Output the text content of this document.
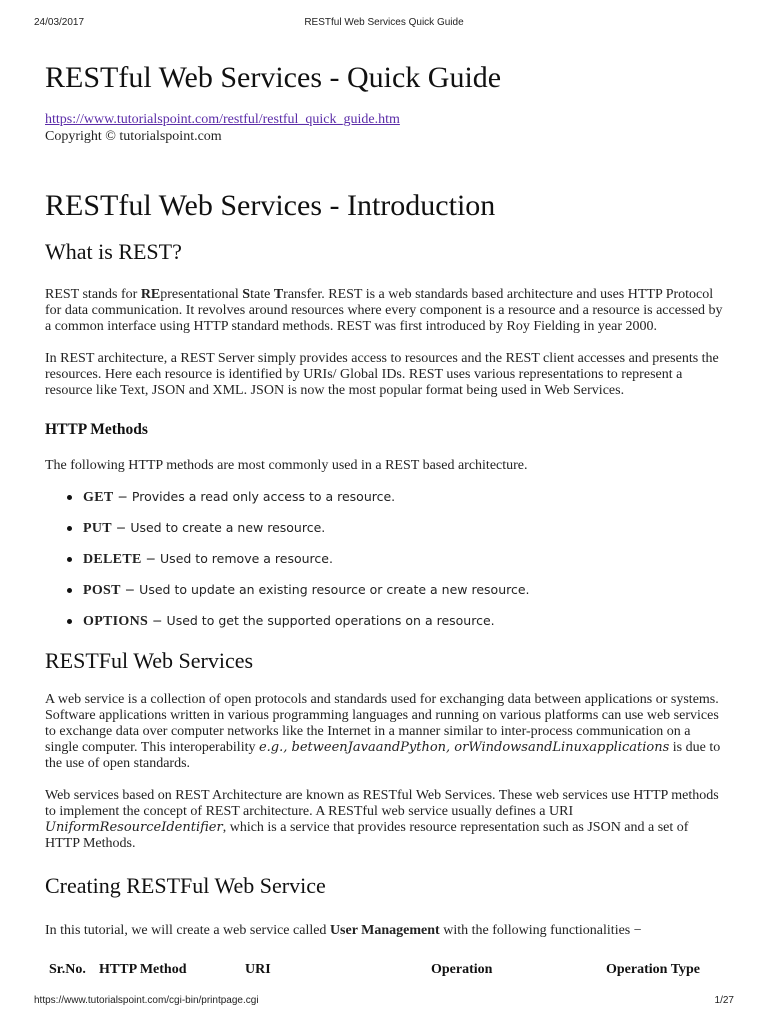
24/03/2017	RESTful Web Services Quick Guide
RESTful Web Services - Quick Guide
https://www.tutorialspoint.com/restful/restful_quick_guide.htm
Copyright © tutorialspoint.com
RESTful Web Services - Introduction
What is REST?

REST stands for REpresentational State Transfer. REST is a web standards based architecture and uses HTTP Protocol for data communication. It revolves around resources where every component is a resource and a resource is accessed by a common interface using HTTP standard methods. REST was first introduced by Roy Fielding in year 2000.

In REST architecture, a REST Server simply provides access to resources and the REST client accesses and presents the resources. Here each resource is identified by URIs/ Global IDs. REST uses various representations to represent a resource like Text, JSON and XML. JSON is now the most popular format being used in Web Services.

HTTP Methods

The following HTTP methods are most commonly used in a REST based architecture.

GET − Provides a read only access to a resource.
PUT − Used to create a new resource.
DELETE − Used to remove a resource.
POST − Used to update an existing resource or create a new resource.
OPTIONS − Used to get the supported operations on a resource.
RESTFul Web Services

A web service is a collection of open protocols and standards used for exchanging data between applications or systems. Software applications written in various programming languages and running on various platforms can use web services to exchange data over computer networks like the Internet in a manner similar to inter-process communication on a single computer. This interoperability e.g., betweenJavaandPython, orWindowsandLinuxapplications is due to the use of open standards.

Web services based on REST Architecture are known as RESTful Web Services. These web services use HTTP methods to implement the concept of REST architecture. A RESTful web service usually defines a URI UniformResourceIdentifier, which is a service that provides resource representation such as JSON and a set of HTTP Methods.

Creating RESTFul Web Service

In this tutorial, we will create a web service called User Management with the following functionalities −

Sr.No. HTTP Method	URI	Operation	Operation Type
https://www.tutorialspoint.com/cgi-bin/printpage.cgi	1/27
